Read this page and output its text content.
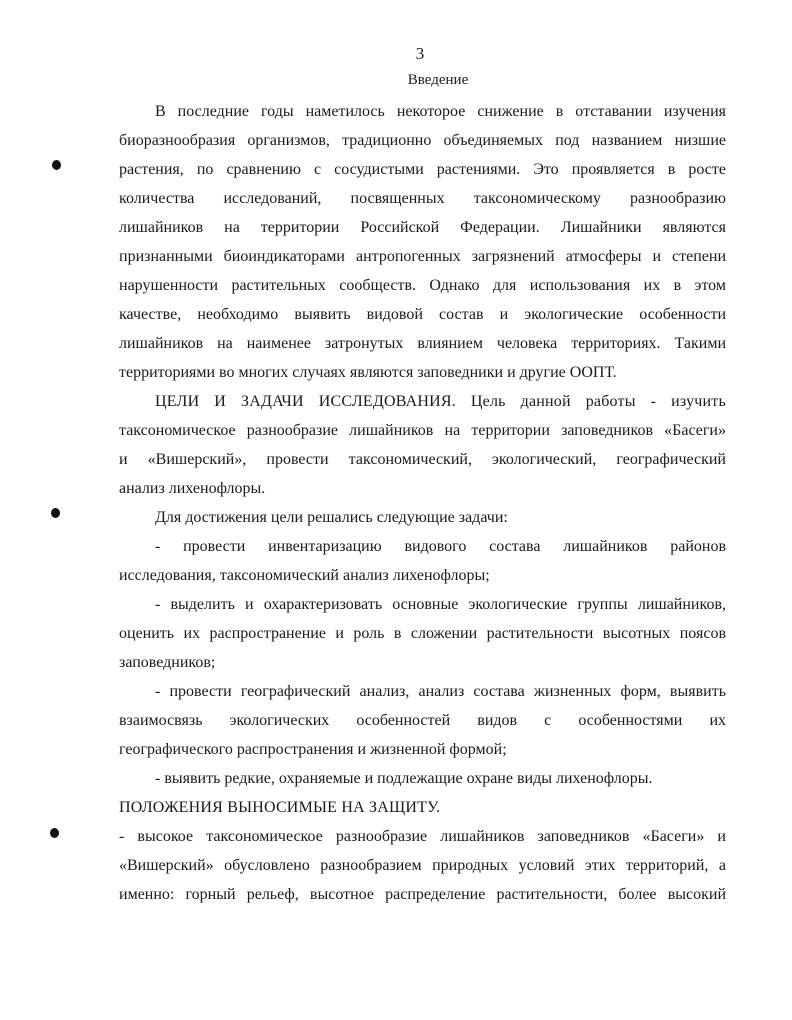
3
Введение
В последние годы наметилось некоторое снижение в отставании изучения
биоразнообразия организмов, традиционно объединяемых под названием низшие
растения, по сравнению с сосудистыми растениями. Это проявляется в росте
количества исследований, посвященных таксономическому разнообразию
лишайников на территории Российской Федерации. Лишайники являются
признанными биоиндикаторами антропогенных загрязнений атмосферы и степени
нарушенности растительных сообществ. Однако для использования их в этом
качестве, необходимо выявить видовой состав и экологические особенности
лишайников на наименее затронутых влиянием человека территориях. Такими
территориями во многих случаях являются заповедники и другие ООПТ.
ЦЕЛИ И ЗАДАЧИ ИССЛЕДОВАНИЯ. Цель данной работы - изучить
таксономическое разнообразие лишайников на территории заповедников «Басеги»
и «Вишерский», провести таксономический, экологический, географический
анализ лихенофлоры.
Для достижения цели решались следующие задачи:
- провести инвентаризацию видового состава лишайников районов
исследования, таксономический анализ лихенофлоры;
- выделить и охарактеризовать основные экологические группы лишайников,
оценить их распространение и роль в сложении растительности высотных поясов
заповедников;
- провести географический анализ, анализ состава жизненных форм, выявить
взаимосвязь экологических особенностей видов с особенностями их
географического распространения и жизненной формой;
- выявить редкие, охраняемые и подлежащие охране виды лихенофлоры.
ПОЛОЖЕНИЯ ВЫНОСИМЫЕ НА ЗАЩИТУ.
- высокое таксономическое разнообразие лишайников заповедников «Басеги» и
«Вишерский» обусловлено разнообразием природных условий этих территорий, а
именно: горный рельеф, высотное распределение растительности, более высокий
